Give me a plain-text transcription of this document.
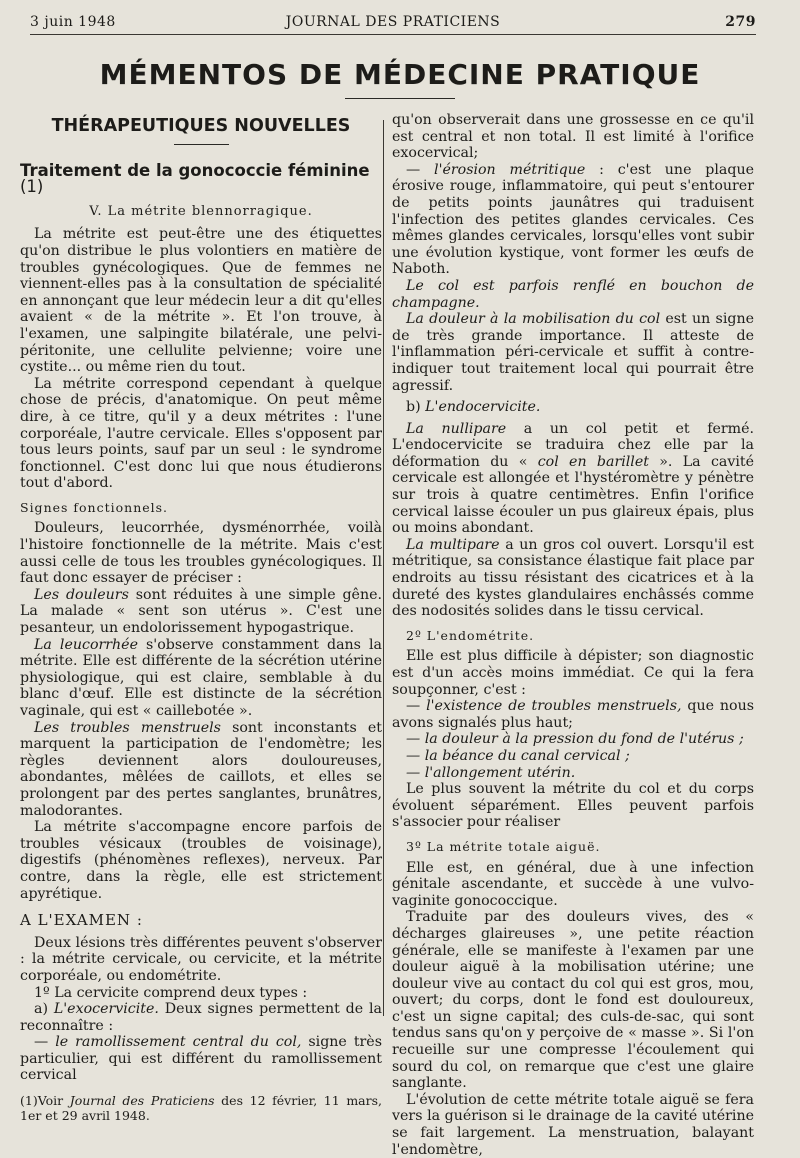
3 juin 1948	JOURNAL DES PRATICIENS	279
MÉMENTOS DE MÉDECINE PRATIQUE
THÉRAPEUTIQUES NOUVELLES
Traitement de la gonococcie féminine (1)
V. La métrite blennorragique.

La métrite est peut-être une des étiquettes qu'on distribue le plus volontiers en matière de troubles gynécologiques. Que de femmes ne viennent-elles pas à la consultation de spécialité en annonçant que leur médecin leur a dit qu'elles avaient « de la métrite ». Et l'on trouve, à l'examen, une salpingite bilatérale, une pelvi-péritonite, une cellulite pelvienne; voire une cystite... ou même rien du tout.

La métrite correspond cependant à quelque chose de précis, d'anatomique. On peut même dire, à ce titre, qu'il y a deux métrites : l'une corporéale, l'autre cervicale. Elles s'opposent par tous leurs points, sauf par un seul : le syndrome fonctionnel. C'est donc lui que nous étudierons tout d'abord.

Signes fonctionnels.

Douleurs, leucorrhée, dysménorrhée, voilà l'histoire fonctionnelle de la métrite. Mais c'est aussi celle de tous les troubles gynécologiques. Il faut donc essayer de préciser :

Les douleurs sont réduites à une simple gêne. La malade « sent son utérus ». C'est une pesanteur, un endolorissement hypogastrique.

La leucorrhée s'observe constamment dans la métrite. Elle est différente de la sécrétion utérine physiologique, qui est claire, semblable à du blanc d'œuf. Elle est distincte de la sécrétion vaginale, qui est « caillebotée ».

Les troubles menstruels sont inconstants et marquent la participation de l'endomètre; les règles deviennent alors douloureuses, abondantes, mêlées de caillots, et elles se prolongent par des pertes sanglantes, brunâtres, malodorantes.

La métrite s'accompagne encore parfois de troubles vésicaux (troubles de voisinage), digestifs (phénomènes reflexes), nerveux. Par contre, dans la règle, elle est strictement apyrétique.

A L'EXAMEN :

Deux lésions très différentes peuvent s'observer : la métrite cervicale, ou cervicite, et la métrite corporéale, ou endométrite.

1º La cervicite comprend deux types :

a) L'exocervicite. Deux signes permettent de la reconnaître :

— le ramollissement central du col, signe très particulier, qui est différent du ramollissement cervical

(1)Voir Journal des Praticiens des 12 février, 11 mars, 1er et 29 avril 1948.

qu'on observerait dans une grossesse en ce qu'il est central et non total. Il est limité à l'orifice exocervical;

— l'érosion métritique : c'est une plaque érosive rouge, inflammatoire, qui peut s'entourer de petits points jaunâtres qui traduisent l'infection des petites glandes cervicales. Ces mêmes glandes cervicales, lorsqu'elles vont subir une évolution kystique, vont former les œufs de Naboth.

Le col est parfois renflé en bouchon de champagne.

La douleur à la mobilisation du col est un signe de très grande importance. Il atteste de l'inflammation péri-cervicale et suffit à contre-indiquer tout traitement local qui pourrait être agressif.

b) L'endocervicite.

La nullipare a un col petit et fermé. L'endocervicite se traduira chez elle par la déformation du « col en barillet ». La cavité cervicale est allongée et l'hystéromètre y pénètre sur trois à quatre centimètres. Enfin l'orifice cervical laisse écouler un pus glaireux épais, plus ou moins abondant.

La multipare a un gros col ouvert. Lorsqu'il est métritique, sa consistance élastique fait place par endroits au tissu résistant des cicatrices et à la dureté des kystes glandulaires enchâssés comme des nodosités solides dans le tissu cervical.

2º L'endométrite.

Elle est plus difficile à dépister; son diagnostic est d'un accès moins immédiat. Ce qui la fera soupçonner, c'est :

— l'existence de troubles menstruels, que nous avons signalés plus haut;

— la douleur à la pression du fond de l'utérus ;

— la béance du canal cervical ;

— l'allongement utérin.

Le plus souvent la métrite du col et du corps évoluent séparément. Elles peuvent parfois s'associer pour réaliser

3º La métrite totale aiguë.

Elle est, en général, due à une infection génitale ascendante, et succède à une vulvo-vaginite gonococcique.

Traduite par des douleurs vives, des « décharges glaireuses », une petite réaction générale, elle se manifeste à l'examen par une douleur aiguë à la mobilisation utérine; une douleur vive au contact du col qui est gros, mou, ouvert; du corps, dont le fond est douloureux, c'est un signe capital; des culs-de-sac, qui sont tendus sans qu'on y perçoive de « masse ». Si l'on recueille sur une compresse l'écoulement qui sourd du col, on remarque que c'est une glaire sanglante.

L'évolution de cette métrite totale aiguë se fera vers la guérison si le drainage de la cavité utérine se fait largement. La menstruation, balayant l'endomètre,
